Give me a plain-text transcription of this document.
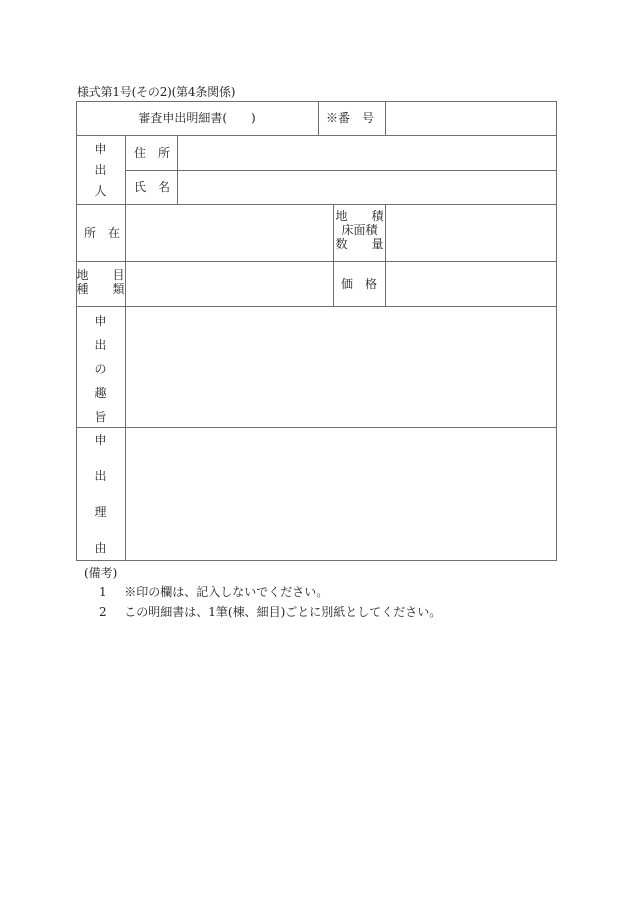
様式第1号(その2)(第4条関係)
審査申出明細書(　　)	※番　号
申
出
人
住　所
氏　名
所　在
地　　積
床面積
数　　量
地　　目
種　　類	価　格
申
出
の
趣
旨
申
出
理
由
(備考)
1 ※印の欄は、記入しないでください。
2 この明細書は、1筆(棟、細目)ごとに別紙としてください。
